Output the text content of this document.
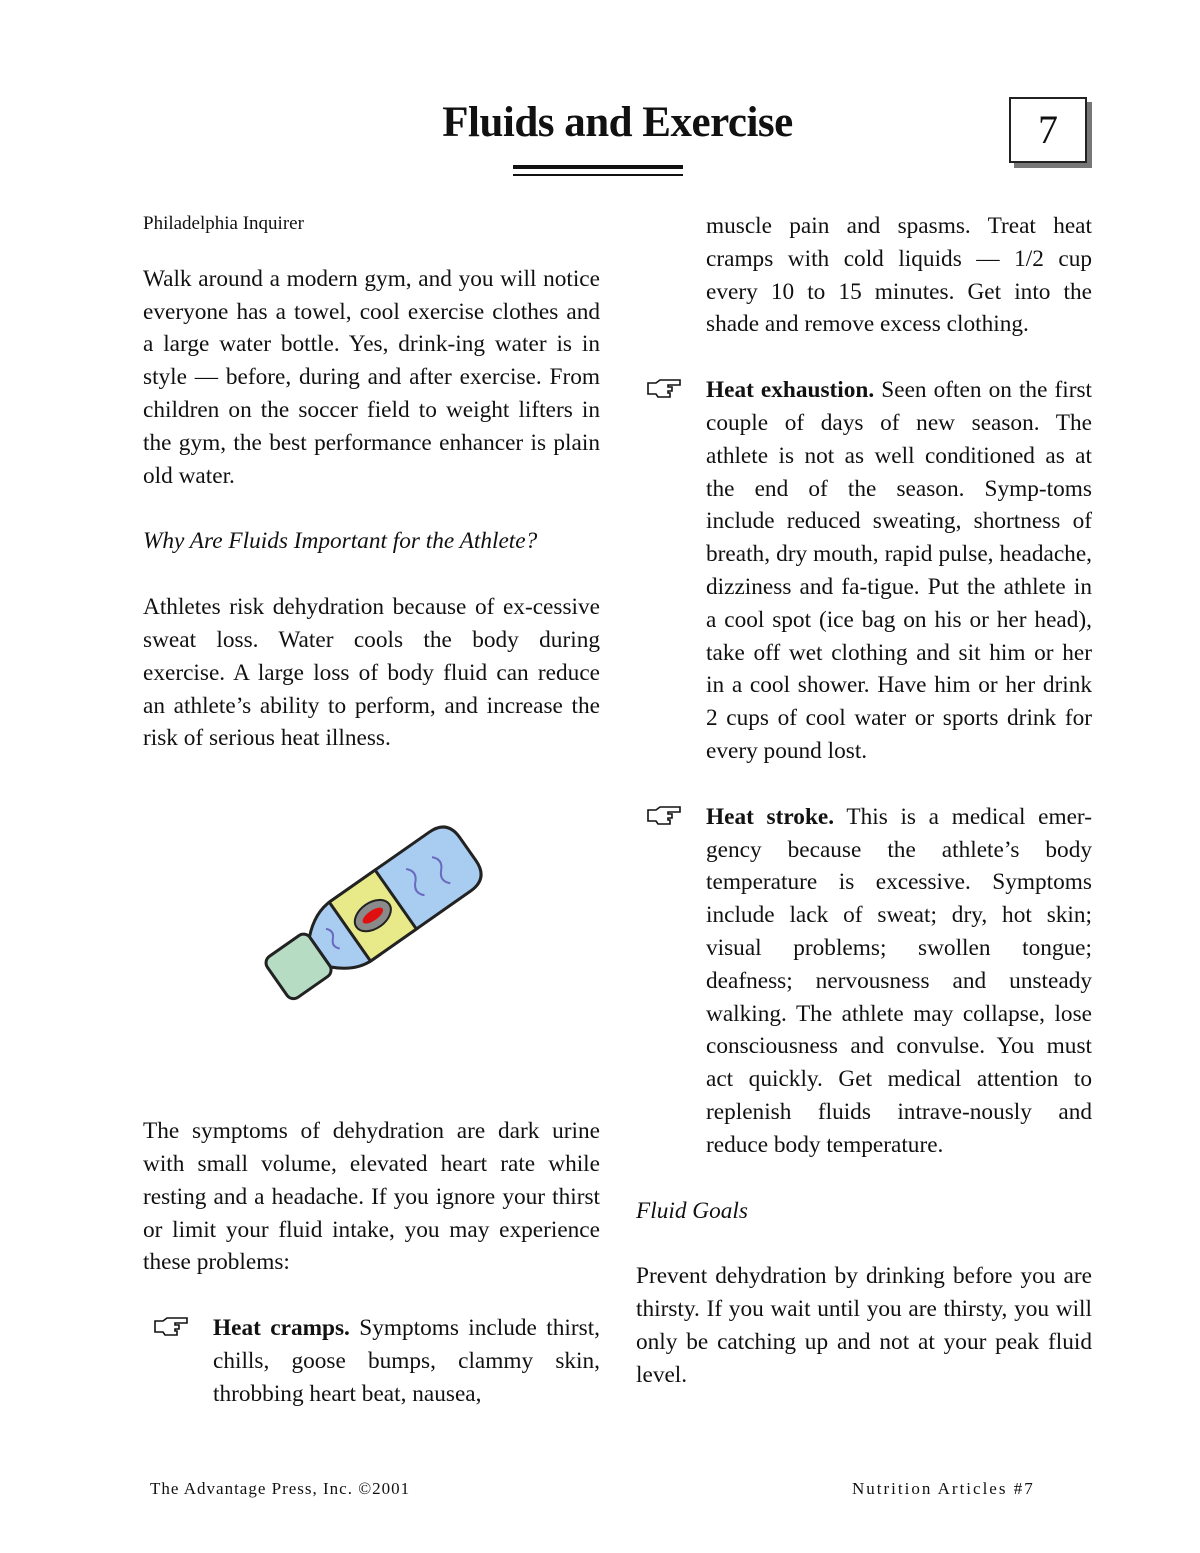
Fluids and Exercise	7

Philadelphia Inquirer

Walk around a modern gym, and you will notice everyone has a towel, cool exercise clothes and a large water bottle. Yes, drink-ing water is in style — before, during and after exercise. From children on the soccer field to weight lifters in the gym, the best performance enhancer is plain old water.

Why Are Fluids Important for the Athlete?

Athletes risk dehydration because of ex-cessive sweat loss. Water cools the body during exercise. A large loss of body fluid can reduce an athlete’s ability to perform, and increase the risk of serious heat illness.

The symptoms of dehydration are dark urine with small volume, elevated heart rate while resting and a headache. If you ignore your thirst or limit your fluid intake, you may experience these problems:

Heat cramps. Symptoms include thirst, chills, goose bumps, clammy skin, throbbing heart beat, nausea,

muscle pain and spasms. Treat heat cramps with cold liquids — 1/2 cup every 10 to 15 minutes. Get into the shade and remove excess clothing.

Heat exhaustion. Seen often on the first couple of days of new season. The athlete is not as well conditioned as at the end of the season. Symp-toms include reduced sweating, shortness of breath, dry mouth, rapid pulse, headache, dizziness and fa-tigue. Put the athlete in a cool spot (ice bag on his or her head), take off wet clothing and sit him or her in a cool shower. Have him or her drink 2 cups of cool water or sports drink for every pound lost.

Heat stroke. This is a medical emer-gency because the athlete’s body temperature is excessive. Symptoms include lack of sweat; dry, hot skin; visual problems; swollen tongue; deafness; nervousness and unsteady walking. The athlete may collapse, lose consciousness and convulse. You must act quickly. Get medical attention to replenish fluids intrave-nously and reduce body temperature.

Fluid Goals

Prevent dehydration by drinking before you are thirsty. If you wait until you are thirsty, you will only be catching up and not at your peak fluid level.

The Advantage Press, Inc. ©2001	Nutrition Articles #7
